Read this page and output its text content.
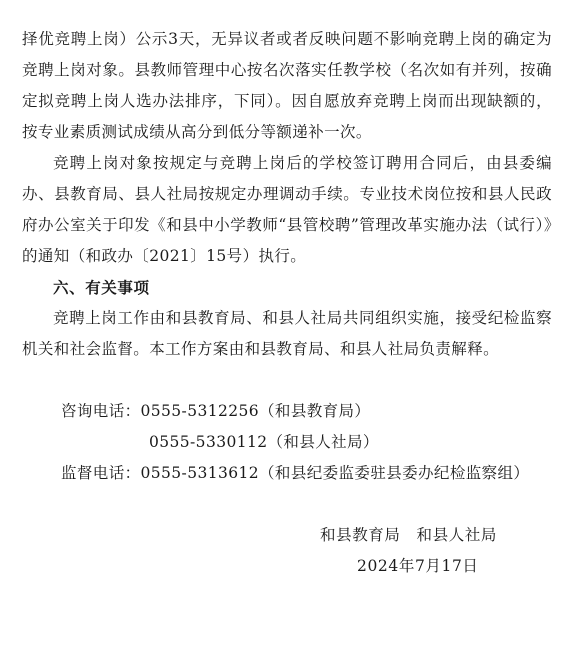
择优竞聘上岗）公示3天，无异议者或者反映问题不影响竞聘上岗的确定为竞聘上岗对象。县教师管理中心按名次落实任教学校（名次如有并列，按确定拟竞聘上岗人选办法排序，下同）。因自愿放弃竞聘上岗而出现缺额的，按专业素质测试成绩从高分到低分等额递补一次。

竞聘上岗对象按规定与竞聘上岗后的学校签订聘用合同后，由县委编办、县教育局、县人社局按规定办理调动手续。专业技术岗位按和县人民政府办公室关于印发《和县中小学教师“县管校聘”管理改革实施办法（试行）》的通知（和政办〔2021〕15号）执行。

六、有关事项

竞聘上岗工作由和县教育局、和县人社局共同组织实施，接受纪检监察机关和社会监督。本工作方案由和县教育局、和县人社局负责解释。

咨询电话：0555-5312256（和县教育局）
0555-5330112（和县人社局）
监督电话：0555-5313612（和县纪委监委驻县委办纪检监察组）
和县教育局 和县人社局
2024年7月17日
